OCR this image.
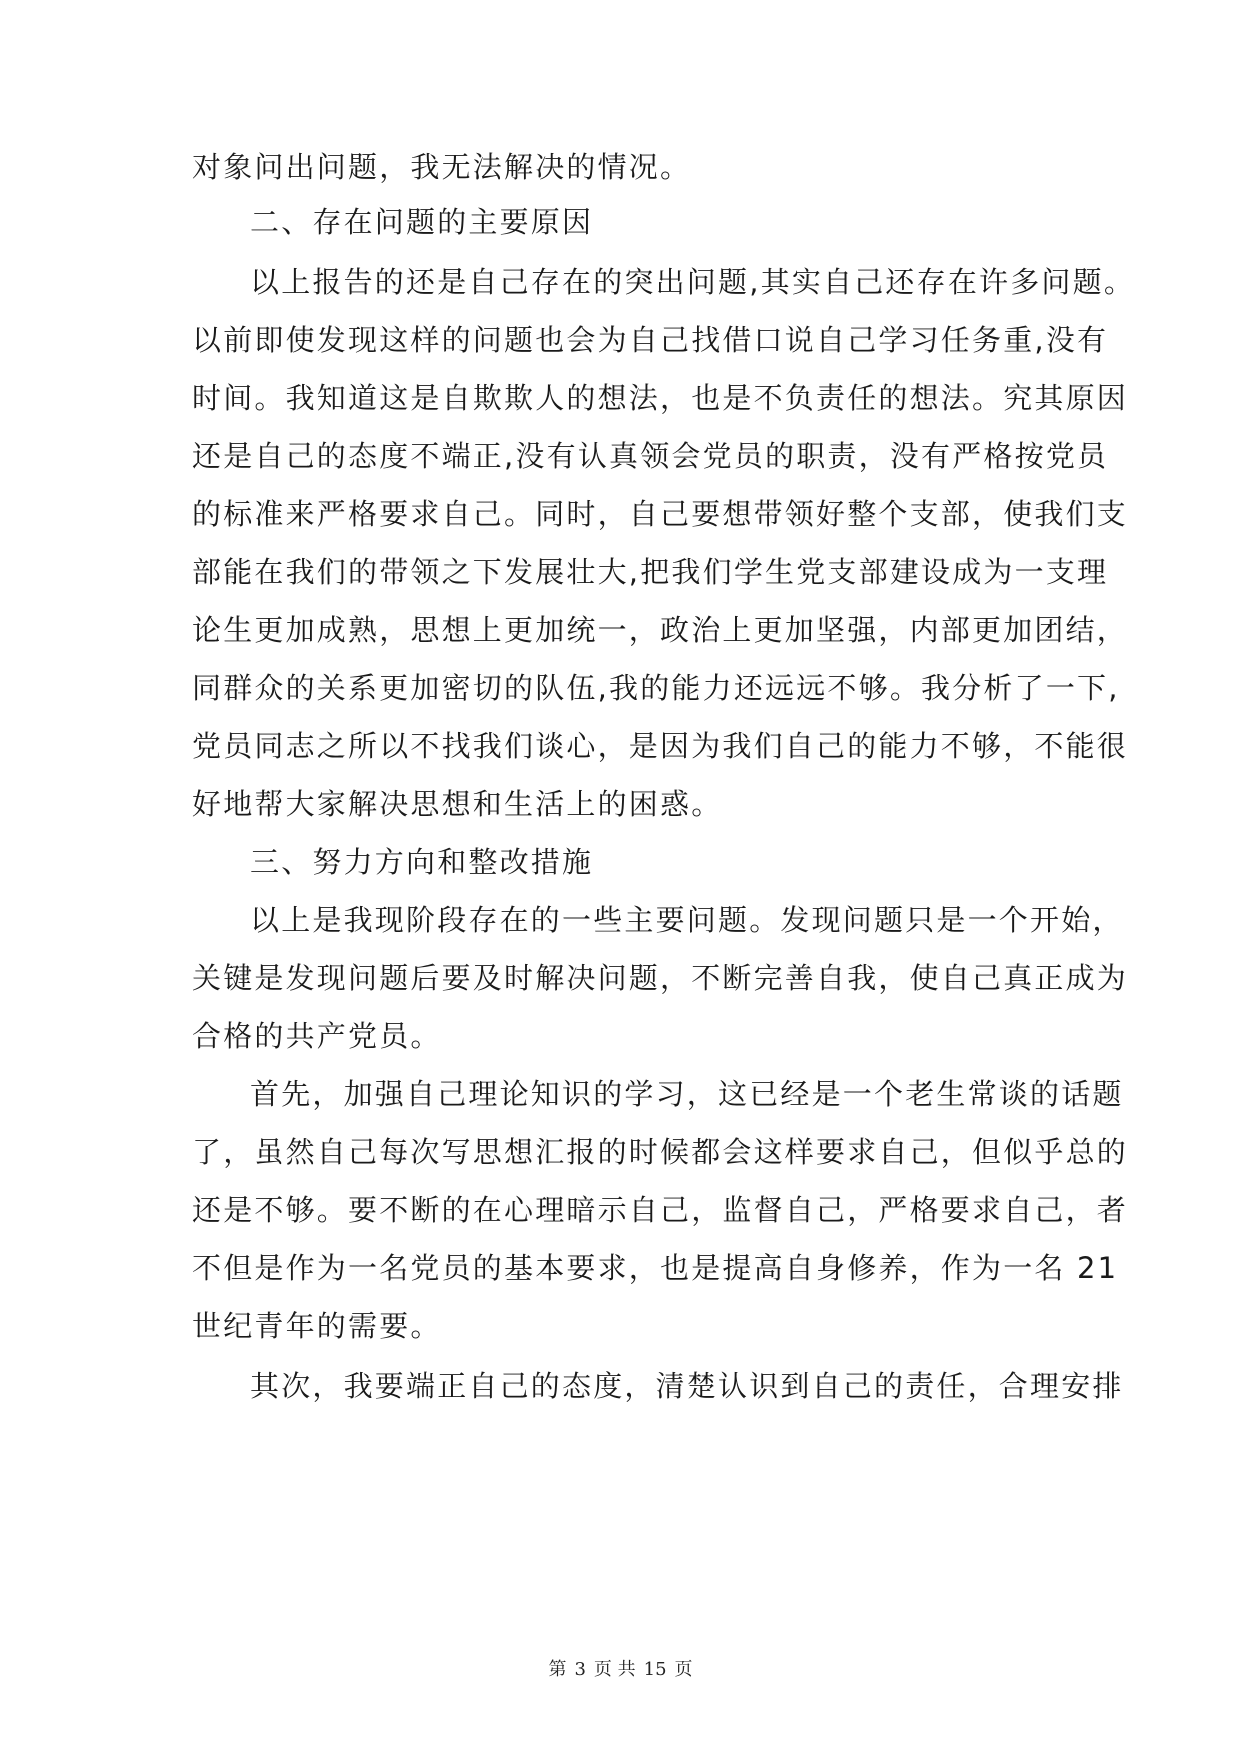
对象问出问题，我无法解决的情况。
二、存在问题的主要原因
以上报告的还是自己存在的突出问题,其实自己还存在许多问题。
以前即使发现这样的问题也会为自己找借口说自己学习任务重,没有
时间。我知道这是自欺欺人的想法，也是不负责任的想法。究其原因
还是自己的态度不端正,没有认真领会党员的职责，没有严格按党员
的标准来严格要求自己。同时，自己要想带领好整个支部，使我们支
部能在我们的带领之下发展壮大,把我们学生党支部建设成为一支理
论生更加成熟，思想上更加统一，政治上更加坚强，内部更加团结，
同群众的关系更加密切的队伍,我的能力还远远不够。我分析了一下,
党员同志之所以不找我们谈心，是因为我们自己的能力不够，不能很
好地帮大家解决思想和生活上的困惑。
三、努力方向和整改措施
以上是我现阶段存在的一些主要问题。发现问题只是一个开始，
关键是发现问题后要及时解决问题，不断完善自我，使自己真正成为
合格的共产党员。
首先，加强自己理论知识的学习，这已经是一个老生常谈的话题
了，虽然自己每次写思想汇报的时候都会这样要求自己，但似乎总的
还是不够。要不断的在心理暗示自己，监督自己，严格要求自己，者
不但是作为一名党员的基本要求，也是提高自身修养，作为一名 21
世纪青年的需要。
其次，我要端正自己的态度，清楚认识到自己的责任，合理安排
第 3 页 共 15 页
